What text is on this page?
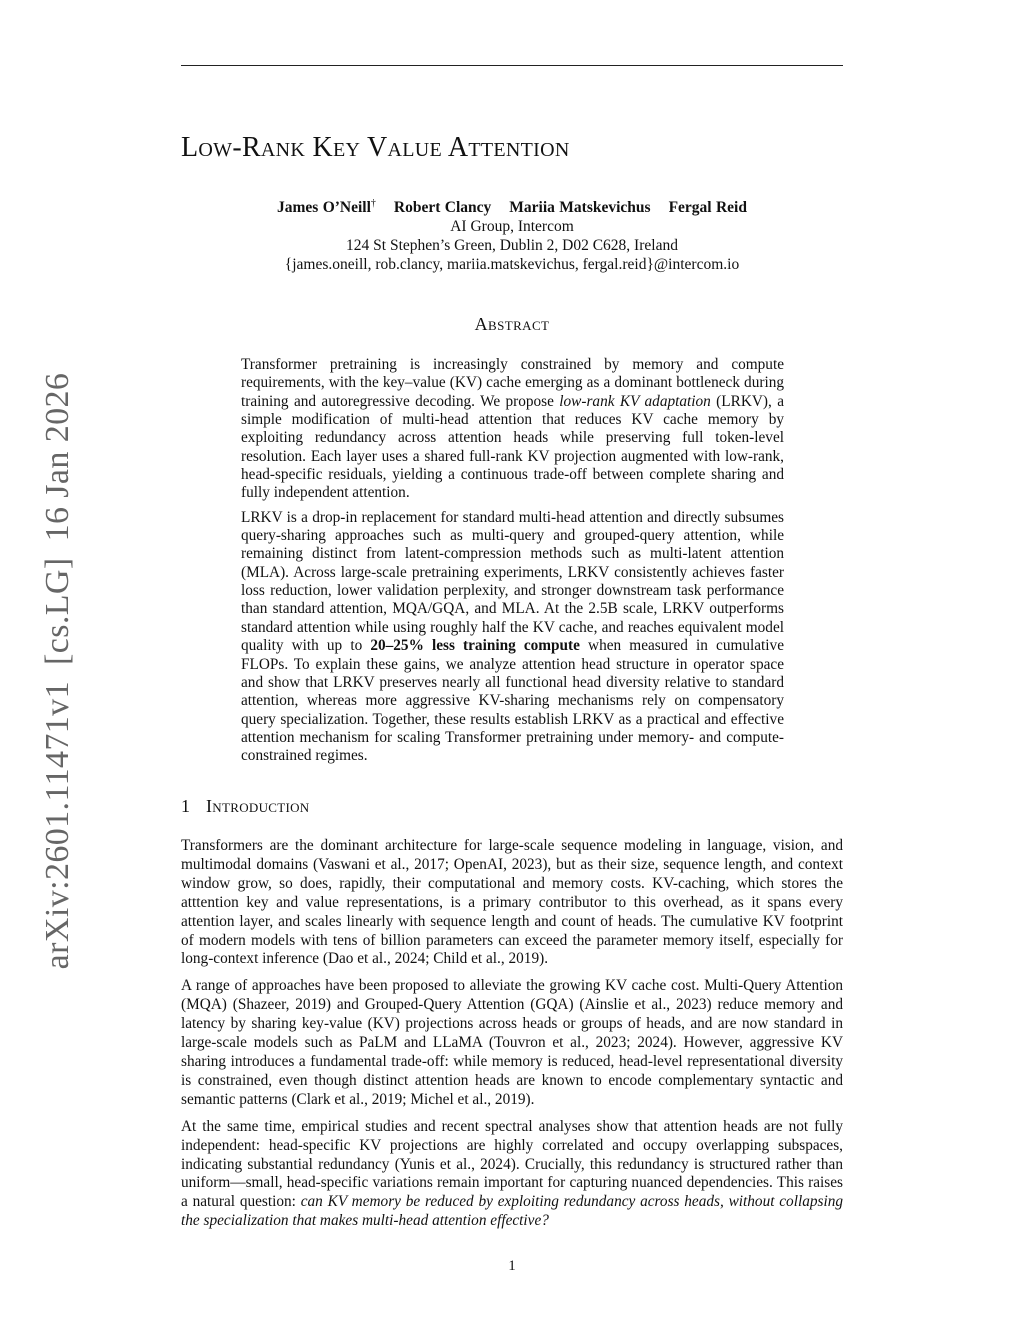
arXiv:2601.11471v1[cs.LG]16 Jan 2026
Low-Rank Key Value Attention
James O’Neill† Robert Clancy Mariia Matskevichus Fergal Reid
AI Group, Intercom
124 St Stephen’s Green, Dublin 2, D02 C628, Ireland
{james.oneill, rob.clancy, mariia.matskevichus, fergal.reid}@intercom.io
Abstract

Transformer pretraining is increasingly constrained by memory and compute requirements, with the key–value (KV) cache emerging as a dominant bottleneck during training and autoregressive decoding. We propose low-rank KV adaptation (LRKV), a simple modification of multi-head attention that reduces KV cache memory by exploiting redundancy across attention heads while preserving full token-level resolution. Each layer uses a shared full-rank KV projection augmented with low-rank, head-specific residuals, yielding a continuous trade-off between complete sharing and fully independent attention.

LRKV is a drop-in replacement for standard multi-head attention and directly subsumes query-sharing approaches such as multi-query and grouped-query attention, while remaining distinct from latent-compression methods such as multi-latent attention (MLA). Across large-scale pretraining experiments, LRKV consistently achieves faster loss reduction, lower validation perplexity, and stronger downstream task performance than standard attention, MQA/GQA, and MLA. At the 2.5B scale, LRKV outperforms standard attention while using roughly half the KV cache, and reaches equivalent model quality with up to 20–25% less training compute when measured in cumulative FLOPs. To explain these gains, we analyze attention head structure in operator space and show that LRKV preserves nearly all functional head diversity relative to standard attention, whereas more aggressive KV-sharing mechanisms rely on compensatory query specialization. Together, these results establish LRKV as a practical and effective attention mechanism for scaling Transformer pretraining under memory- and compute-constrained regimes.

1 Introduction

Transformers are the dominant architecture for large-scale sequence modeling in language, vision, and multimodal domains (Vaswani et al., 2017; OpenAI, 2023), but as their size, sequence length, and context window grow, so does, rapidly, their computational and memory costs. KV-caching, which stores the atttention key and value representations, is a primary contributor to this overhead, as it spans every attention layer, and scales linearly with sequence length and count of heads. The cumulative KV footprint of modern models with tens of billion parameters can exceed the parameter memory itself, especially for long-context inference (Dao et al., 2024; Child et al., 2019).

A range of approaches have been proposed to alleviate the growing KV cache cost. Multi-Query Attention (MQA) (Shazeer, 2019) and Grouped-Query Attention (GQA) (Ainslie et al., 2023) reduce memory and latency by sharing key-value (KV) projections across heads or groups of heads, and are now standard in large-scale models such as PaLM and LLaMA (Touvron et al., 2023; 2024). However, aggressive KV sharing introduces a fundamental trade-off: while memory is reduced, head-level representational diversity is constrained, even though distinct attention heads are known to encode complementary syntactic and semantic patterns (Clark et al., 2019; Michel et al., 2019).

At the same time, empirical studies and recent spectral analyses show that attention heads are not fully independent: head-specific KV projections are highly correlated and occupy overlapping subspaces, indicating substantial redundancy (Yunis et al., 2024). Crucially, this redundancy is structured rather than uniform—small, head-specific variations remain important for capturing nuanced dependencies. This raises a natural question: can KV memory be reduced by exploiting redundancy across heads, without collapsing the specialization that makes multi-head attention effective?

1
